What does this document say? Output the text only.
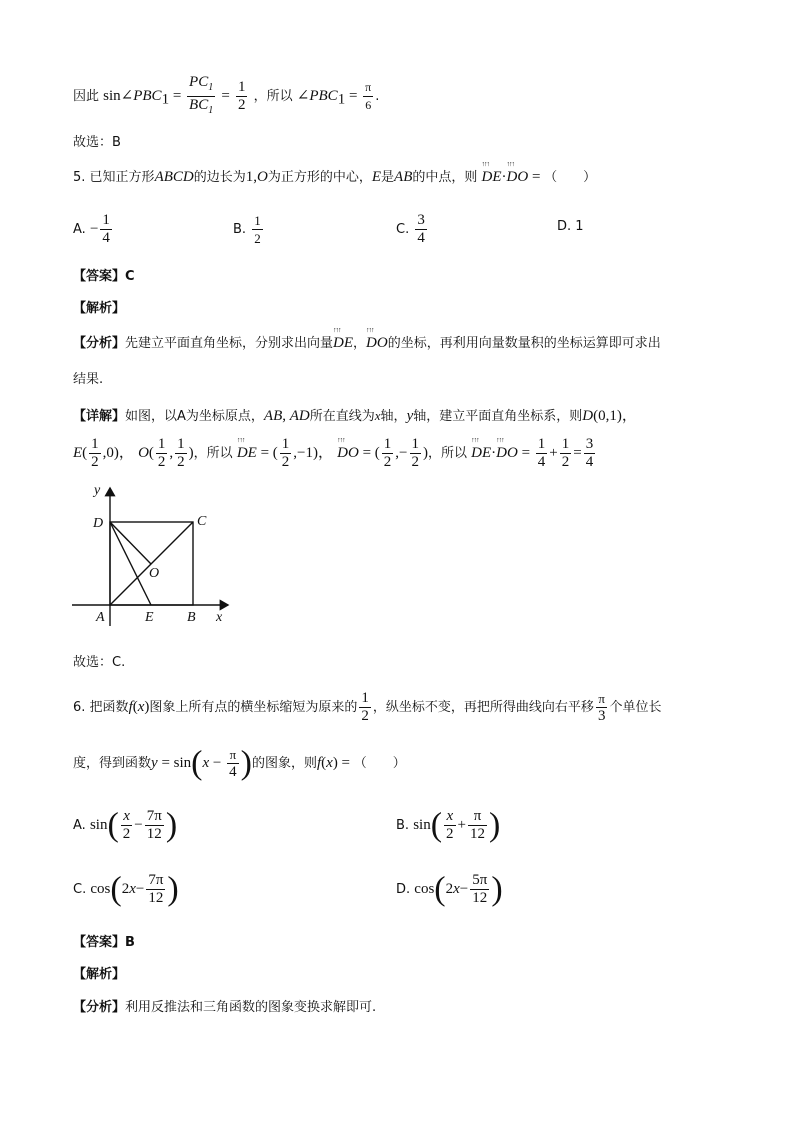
因此 $\sin\angle PBC_1 = \frac{PC_1}{BC_1} = \frac{1}{2}$ ，所以 $\angle PBC_1 = \frac{\pi}{6}$ .
故选：B
5. 已知正方形ABCD的边长为1,O为正方形的中心，E是AB的中点，则 ↑↑↑ DE·↑↑↑ DO = （　　）
A. − $\frac{1}{4}$	B. $\frac{1}{2}$	C. $\frac{3}{4}$	D. 1
【答案】C
【解析】
【分析】先建立平面直角坐标，分别求出向量↑↑↑ DE，↑↑↑ DO的坐标，再利用向量数量积的坐标运算即可求出
结果.
【详解】如图，以A为坐标原点，AB, AD所在直线为x轴，y轴，建立平面直角坐标系，则D(0,1)，
$E( \frac{1}{2} ,0)$， $O( \frac{1}{2}$ , $\frac{1}{2}$ )，所以 ↑↑↑ DE = ( $\frac{1}{2} ,-1$)， ↑↑↑ DO = ( $\frac{1}{2}$ ,− $\frac{1}{2}$ )，所以 ↑↑↑ DE·↑↑↑ DO = $\frac{1}{4} + \frac{1}{2} = \frac{3}{4}$
y
D	C
O
A	E B x
故选：C.
6. 把函数f(x)图象上所有点的横坐标缩短为原来的 $\frac{1}{2}$ ，纵坐标不变，再把所得曲线向右平移 $\frac{\pi}{3}$ 个单位长
度，得到函数$y = \sin(x - \frac{\pi}{4}$ )的图象，则f(x) = （　　）
A. $\sin( \frac{x}{2} - \frac{7\pi}{12}$ )	B. $\sin( \frac{x}{2} + \frac{\pi}{12}$ )
C. $\cos(2x- \frac{7\pi}{12}$ )	D. $\cos(2x- \frac{5\pi}{12}$ )
【答案】B
【解析】
【分析】利用反推法和三角函数的图象变换求解即可.
